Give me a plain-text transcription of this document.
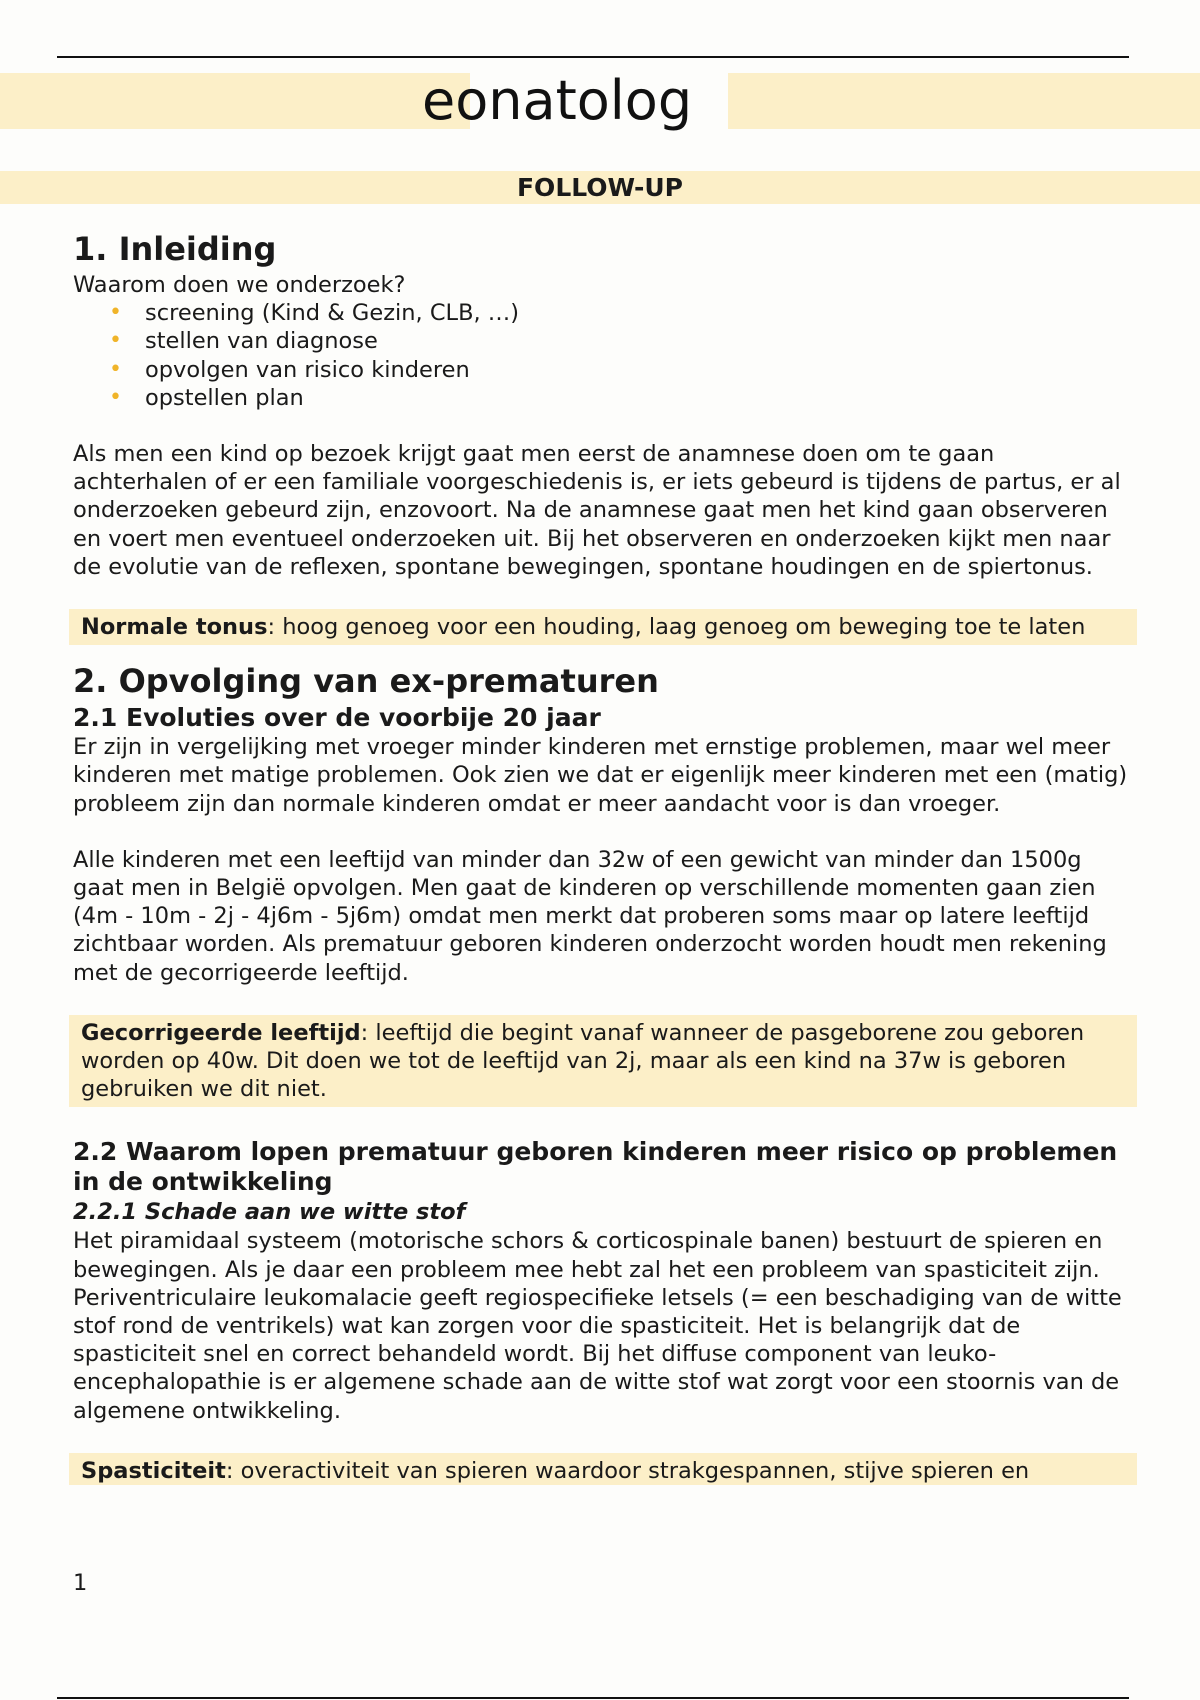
eonatolog
FOLLOW-UP
1. Inleiding

Waarom doen we onderzoek?

• screening (Kind & Gezin, CLB, …)
• stellen van diagnose
• opvolgen van risico kinderen
• opstellen plan

Als men een kind op bezoek krijgt gaat men eerst de anamnese doen om te gaan achterhalen of er een familiale voorgeschiedenis is, er iets gebeurd is tijdens de partus, er al onderzoeken gebeurd zijn, enzovoort. Na de anamnese gaat men het kind gaan observeren en voert men eventueel onderzoeken uit. Bij het observeren en onderzoeken kijkt men naar de evolutie van de reflexen, spontane bewegingen, spontane houdingen en de spiertonus.

Normale tonus: hoog genoeg voor een houding, laag genoeg om beweging toe te laten
2. Opvolging van ex-prematuren
2.1 Evoluties over de voorbije 20 jaar

Er zijn in vergelijking met vroeger minder kinderen met ernstige problemen, maar wel meer kinderen met matige problemen. Ook zien we dat er eigenlijk meer kinderen met een (matig) probleem zijn dan normale kinderen omdat er meer aandacht voor is dan vroeger.

Alle kinderen met een leeftijd van minder dan 32w of een gewicht van minder dan 1500g gaat men in België opvolgen. Men gaat de kinderen op verschillende momenten gaan zien (4m - 10m - 2j - 4j6m - 5j6m) omdat men merkt dat proberen soms maar op latere leeftijd zichtbaar worden. Als prematuur geboren kinderen onderzocht worden houdt men rekening met de gecorrigeerde leeftijd.

Gecorrigeerde leeftijd: leeftijd die begint vanaf wanneer de pasgeborene zou geboren worden op 40w. Dit doen we tot de leeftijd van 2j, maar als een kind na 37w is geboren gebruiken we dit niet.
2.2 Waarom lopen prematuur geboren kinderen meer risico op problemen in de ontwikkeling
2.2.1 Schade aan we witte stof

Het piramidaal systeem (motorische schors & corticospinale banen) bestuurt de spieren en bewegingen. Als je daar een probleem mee hebt zal het een probleem van spasticiteit zijn. Periventriculaire leukomalacie geeft regiospecifieke letsels (= een beschadiging van de witte stof rond de ventrikels) wat kan zorgen voor die spasticiteit. Het is belangrijk dat de spasticiteit snel en correct behandeld wordt. Bij het diffuse component van leuko-encephalopathie is er algemene schade aan de witte stof wat zorgt voor een stoornis van de algemene ontwikkeling.

Spasticiteit: overactiviteit van spieren waardoor strakgespannen, stijve spieren en
1
